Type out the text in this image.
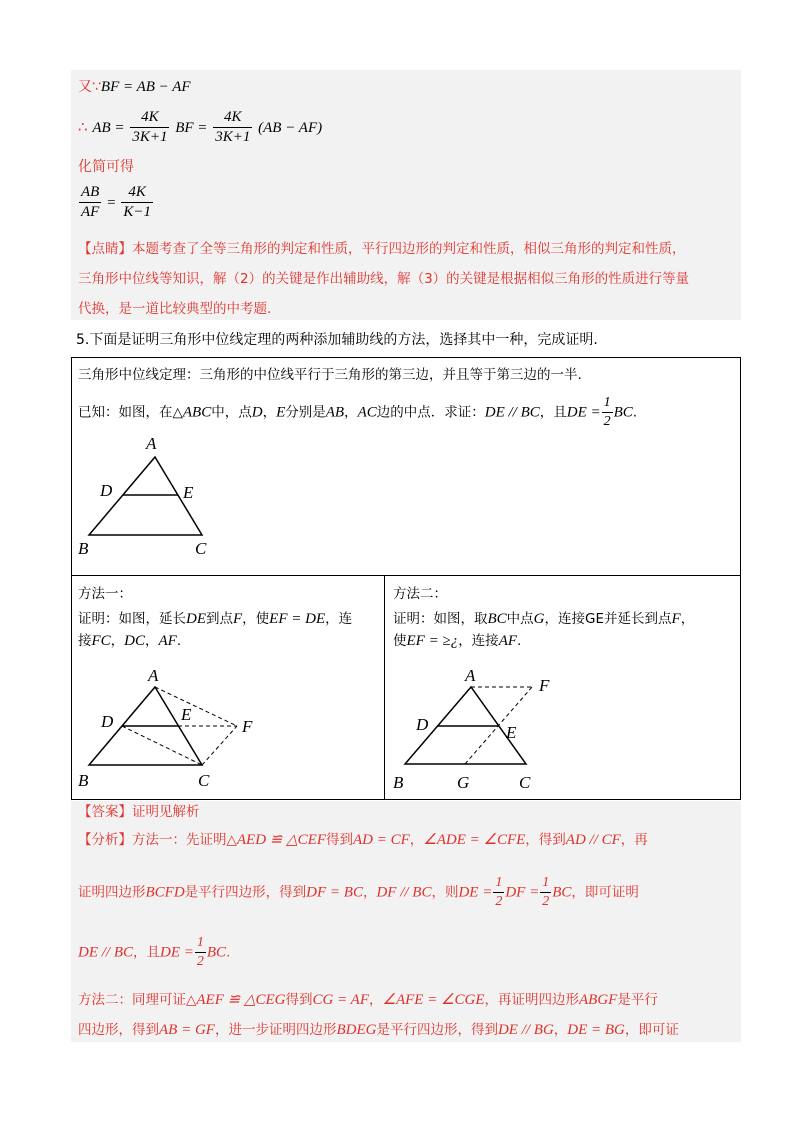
又∵BF = AB − AF
∴ AB = $\frac{4K}{3K+1}$ BF = $\frac{4K}{3K+1} (AB - AF)$
化简可得
$\frac{AB}{AF} = \frac{4K}{K-1}$
【点睛】本题考查了全等三角形的判定和性质，平行四边形的判定和性质，相似三角形的判定和性质，
三角形中位线等知识，解（2）的关键是作出辅助线，解（3）的关键是根据相似三角形的性质进行等量
代换，是一道比较典型的中考题.
5.下面是证明三角形中位线定理的两种添加辅助线的方法，选择其中一种，完成证明.
三角形中位线定理：三角形的中位线平行于三角形的第三边，并且等于第三边的一半.
已知：如图，在△ABC中，点D，E分别是AB，AC边的中点．求证：DE // BC，且DE = $\frac{1}{2}$ BC.
A
D	E
B	C

方法一：
证明：如图，延长DE到点F，使EF = DE，连
接FC，DC，AF.
A
D	E
F
B	C

方法二：
证明：如图，取BC中点G，连接GE并延长到点F，
使EF = ≥¿，连接AF.
A
F
D	E
B	G	C
【答案】证明见解析
【分析】方法一：先证明△AED ≌ △CEF得到AD = CF，∠ADE = ∠CFE，得到AD // CF，再
证明四边形BCFD是平行四边形，得到DF = BC，DF // BC，则DE = $\frac{1}{2}$ DF = $\frac{1}{2}$ BC，即可证明
DE // BC，且DE = $\frac{1}{2}$ BC.
方法二：同理可证△AEF ≌ △CEG得到CG = AF，∠AFE = ∠CGE，再证明四边形ABGF是平行
四边形，得到AB = GF，进一步证明四边形BDEG是平行四边形，得到DE // BG，DE = BG，即可证
